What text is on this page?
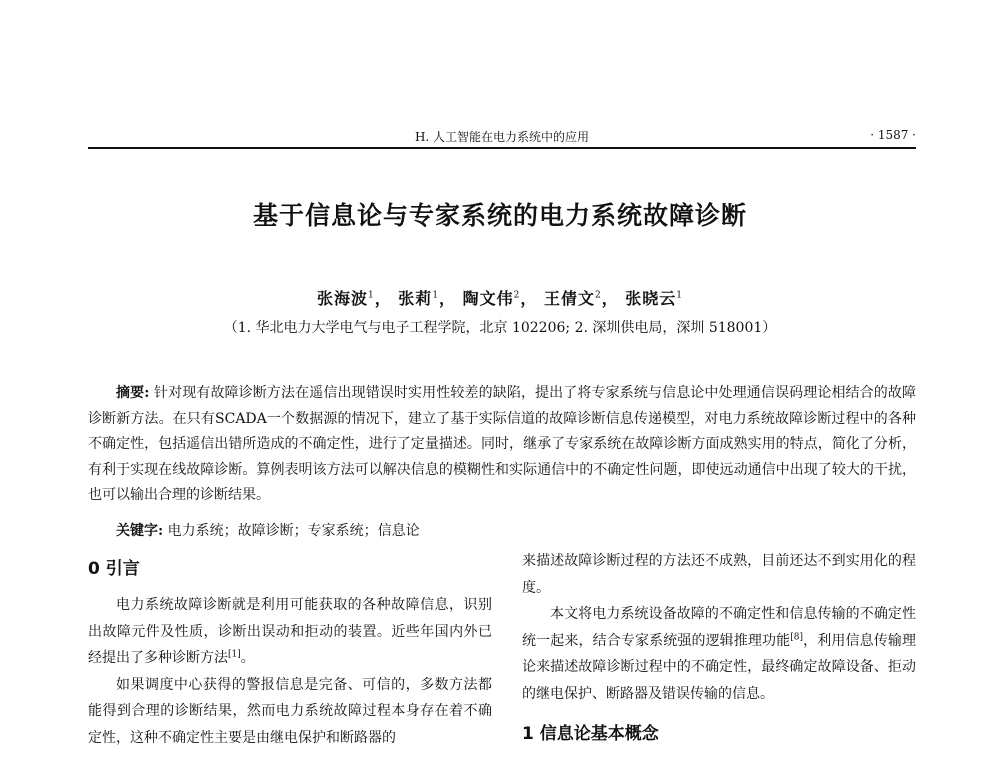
H. 人工智能在电力系统中的应用	· 1587 ·
基于信息论与专家系统的电力系统故障诊断
张海波$^1$， 张莉$^1$， 陶文伟$^2$， 王倩文$^2$， 张晓云$^1$
（1. 华北电力大学电气与电子工程学院，北京 102206; 2. 深圳供电局，深圳 518001）
摘要: 针对现有故障诊断方法在遥信出现错误时实用性较差的缺陷，提出了将专家系统与信息论中处理通信误码理论相结合的故障诊断新方法。在只有SCADA一个数据源的情况下，建立了基于实际信道的故障诊断信息传递模型，对电力系统故障诊断过程中的各种不确定性，包括遥信出错所造成的不确定性，进行了定量描述。同时，继承了专家系统在故障诊断方面成熟实用的特点，简化了分析，有利于实现在线故障诊断。算例表明该方法可以解决信息的模糊性和实际通信中的不确定性问题，即使远动通信中出现了较大的干扰，也可以输出合理的诊断结果。
关键字: 电力系统；故障诊断；专家系统；信息论
0 引言

电力系统故障诊断就是利用可能获取的各种故障信息，识别出故障元件及性质，诊断出误动和拒动的装置。近些年国内外已经提出了多种诊断方法[1]。

如果调度中心获得的警报信息是完备、可信的，多数方法都能得到合理的诊断结果，然而电力系统故障过程本身存在着不确定性，这种不确定性主要是由继电保护和断路器的

来描述故障诊断过程的方法还不成熟，目前还达不到实用化的程度。

本文将电力系统设备故障的不确定性和信息传输的不确定性统一起来，结合专家系统强的逻辑推理功能[8]，利用信息传输理论来描述故障诊断过程中的不确定性，最终确定故障设备、拒动的继电保护、断路器及错误传输的信息。

1 信息论基本概念
